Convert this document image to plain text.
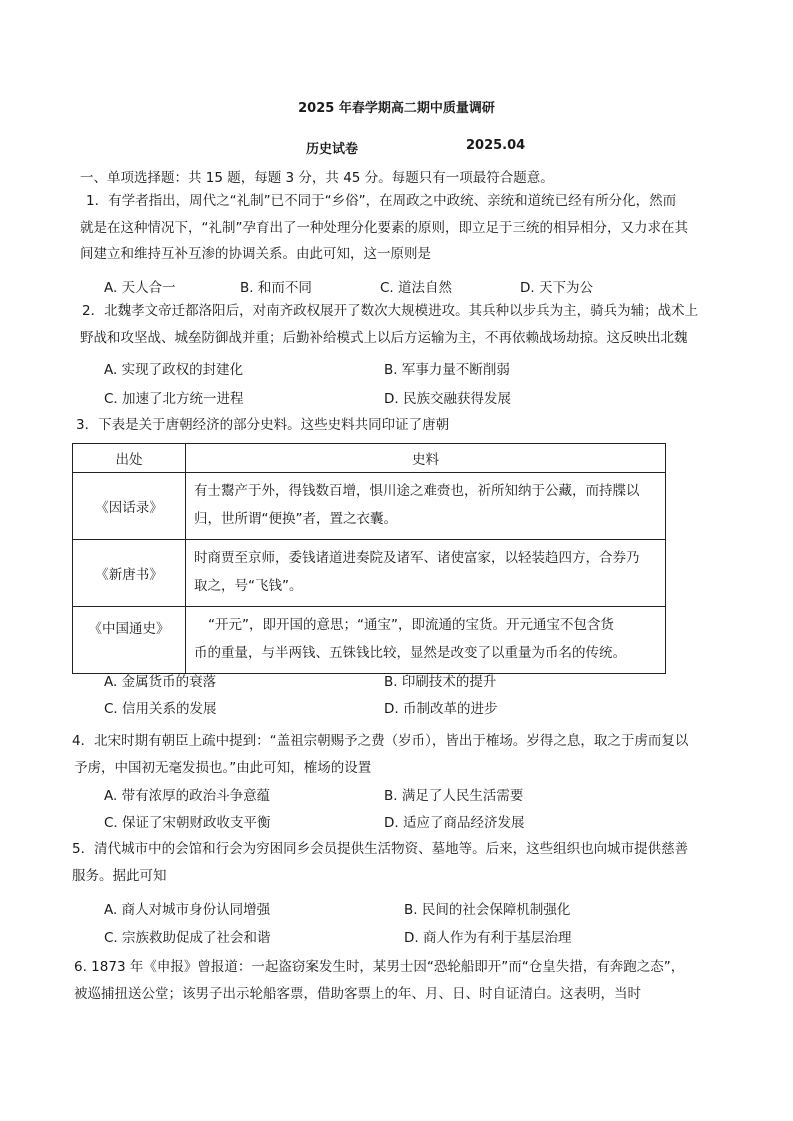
2025 年春学期高二期中质量调研
历史试卷	2025.04
一、单项选择题：共 15 题，每题 3 分，共 45 分。每题只有一项最符合题意。
1．有学者指出，周代之“礼制”已不同于“乡俗”，在周政之中政统、亲统和道统已经有所分化，然而
就是在这种情况下，“礼制”孕育出了一种处理分化要素的原则，即立足于三统的相异相分，又力求在其
间建立和维持互补互渗的协调关系。由此可知，这一原则是
A. 天人合一	B. 和而不同	C. 道法自然	D. 天下为公
2．北魏孝文帝迁都洛阳后，对南齐政权展开了数次大规模进攻。其兵种以步兵为主，骑兵为辅；战术上
野战和攻坚战、城垒防御战并重；后勤补给模式上以后方运输为主，不再依赖战场劫掠。这反映出北魏
A. 实现了政权的封建化	B. 军事力量不断削弱
C. 加速了北方统一进程	D. 民族交融获得发展
3．下表是关于唐朝经济的部分史料。这些史料共同印证了唐朝
出处	史料
《因话录》	有士鬻产于外，得钱数百增，惧川途之难赍也，祈所知纳于公藏，而持牒以
归，世所谓“便换”者，置之衣囊。

《新唐书》	时商贾至京师，委钱诸道进奏院及诸军、诸使富家，以轻装趋四方，合券乃
取之，号“飞钱”。

《中国通史》	“开元”，即开国的意思；“通宝”，即流通的宝货。开元通宝不包含货
币的重量，与半两钱、五铢钱比较，显然是改变了以重量为币名的传统。
A. 金属货币的衰落	B. 印刷技术的提升
C. 信用关系的发展	D. 币制改革的进步
4．北宋时期有朝臣上疏中提到：“盖祖宗朝赐予之费（岁币），皆出于榷场。岁得之息，取之于虏而复以
予虏，中国初无毫发损也。”由此可知，榷场的设置
A. 带有浓厚的政治斗争意蕴	B. 满足了人民生活需要
C. 保证了宋朝财政收支平衡	D. 适应了商品经济发展
5．清代城市中的会馆和行会为穷困同乡会员提供生活物资、墓地等。后来，这些组织也向城市提供慈善
服务。据此可知
A. 商人对城市身份认同增强	B. 民间的社会保障机制强化
C. 宗族救助促成了社会和谐	D. 商人作为有利于基层治理
6. 1873 年《申报》曾报道：一起盗窃案发生时，某男士因“恐轮船即开”而“仓皇失措，有奔跑之态”，
被巡捕扭送公堂；该男子出示轮船客票，借助客票上的年、月、日、时自证清白。这表明，当时
